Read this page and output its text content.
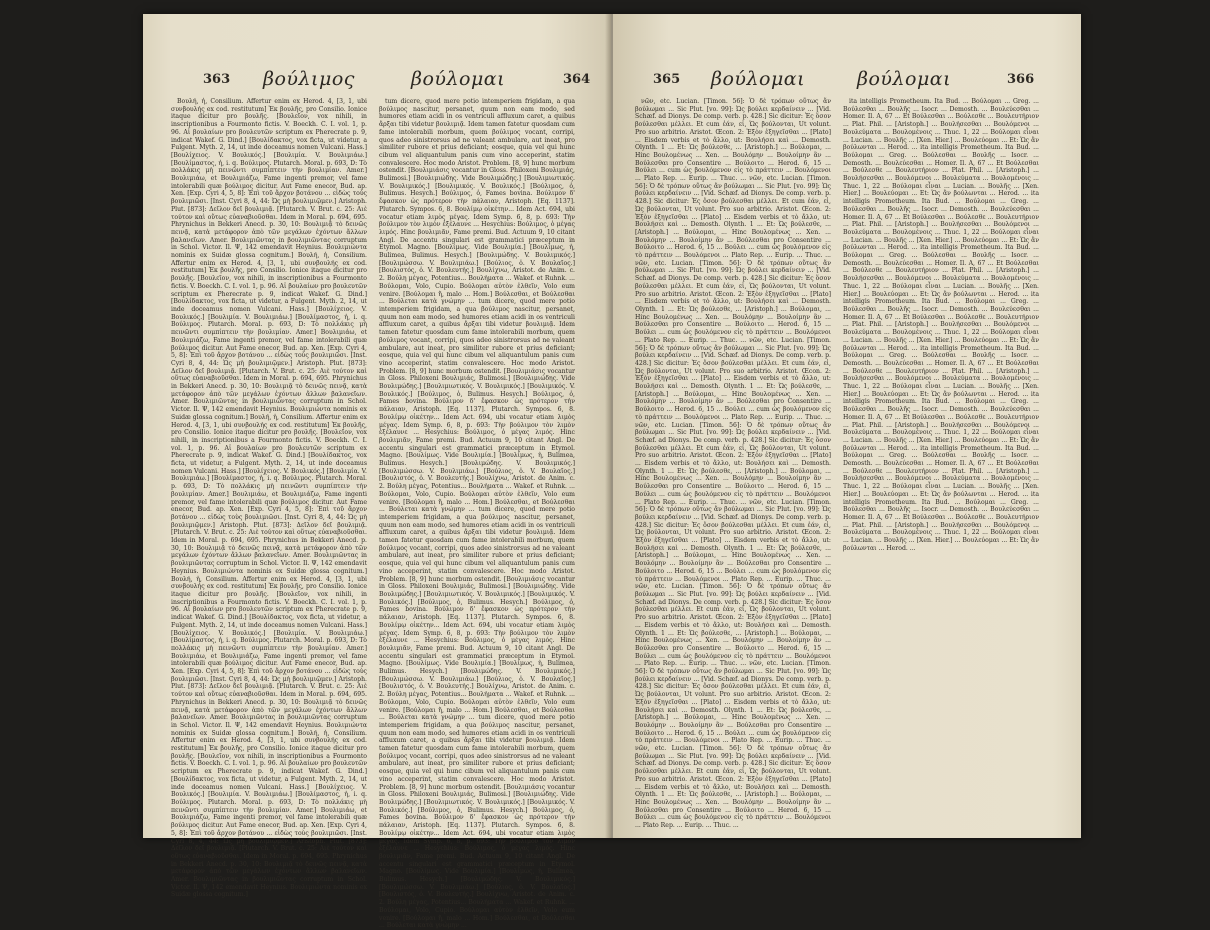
363 βούλιμος	βούλομαι	364

Βουλή, ἡ, Consilium. Affertur enim ex Herod. 4, [3, 1, ubi συνβουλής ex cod. restitutum] Ἐκ βουλῆς, pro Consilio. Ionice itaque dicitur pro βουλῆς. [Βουλεῖον, vox nihili, in inscriptionibus a Fourmonto fictis. V. Boeckh. C. I. vol. 1, p. 96. Αἱ βουλαίων pro βουλευτῶν scriptum ex Pherecrate p. 9, indicat Wakef. G. Dind.] [Βουλίδακτος, vox ficta, ut videtur, a Fulgent. Myth. 2, 14, ut inde doceamus nomen Vulcani. Hass.] [Βουλίχειος. V. Βουλικός.] [Βουλιμία. V. Βουλιμιάω.] [Βουλίμαστος, ἡ, i. q. Βούλιμος. Plutarch. Moral. p. 693, D: Τὸ πολλάκις μὴ πεινῶντι συμπίπτειν τὴν βουλιμίαν. Amer.] Βουλιμιάω, et Βουλιμιάζω, Fame ingenti premor, vel fame intolerabili quæ βούλιμος dicitur. Aut Fame enecor, Bud. ap. Xen. [Exp. Cyri 4, 5, 8]: Ἐπὶ τοῦ ἄρχον βοτάνου ... εἰδὼς τοὺς βουλιμιῶσι. [Inst. Cyri 8, 4, 44: Ὡς μὴ βουλιμιῷμεν.] Aristoph. Plut. [873]: Δεῖλον δεῖ βουλιμιᾷ. [Plutarch. V. Brut. c. 25: Αιὲ τούτον καὶ οὕτως εὐαναβιοῦσθαι. Idem in Moral. p. 694, 695. Phrynichus in Bekkeri Anecd. p. 30, 10: Βουλιμιᾷ τὸ δεινῶς πεινᾷ, κατὰ μετάφορον ἀπὸ τῶν μεγάλων ἐχόντων ἄλλων βαλανεῖων. Amer. Βουλιμιῶντας in βουλιμιῶντας corruptum in Schol. Victor. Il. Ψ, 142 emendavit Heynius. Βουλιμιώντα nominis ex Suidæ glossa cognitum.] Βουλή, ἡ, Consilium. Affertur enim ex Herod. 4, [3, 1, ubi συνβουλής ex cod. restitutum] Ἐκ βουλῆς, pro Consilio. Ionice itaque dicitur pro βουλῆς. [Βουλεῖον, vox nihili, in inscriptionibus a Fourmonto fictis. V. Boeckh. C. I. vol. 1, p. 96. Αἱ βουλαίων pro βουλευτῶν scriptum ex Pherecrate p. 9, indicat Wakef. G. Dind.] [Βουλίδακτος, vox ficta, ut videtur, a Fulgent. Myth. 2, 14, ut inde doceamus nomen Vulcani. Hass.] [Βουλίχειος. V. Βουλικός.] [Βουλιμία. V. Βουλιμιάω.] [Βουλίμαστος, ἡ, i. q. Βούλιμος. Plutarch. Moral. p. 693, D: Τὸ πολλάκις μὴ πεινῶντι συμπίπτειν τὴν βουλιμίαν. Amer.] Βουλιμιάω, et Βουλιμιάζω, Fame ingenti premor, vel fame intolerabili quæ βούλιμος dicitur. Aut Fame enecor, Bud. ap. Xen. [Exp. Cyri 4, 5, 8]: Ἐπὶ τοῦ ἄρχον βοτάνου ... εἰδὼς τοὺς βουλιμιῶσι. [Inst. Cyri 8, 4, 44: Ὡς μὴ βουλιμιῷμεν.] Aristoph. Plut. [873]: Δεῖλον δεῖ βουλιμιᾷ. [Plutarch. V. Brut. c. 25: Αιὲ τούτον καὶ οὕτως εὐαναβιοῦσθαι. Idem in Moral. p. 694, 695. Phrynichus in Bekkeri Anecd. p. 30, 10: Βουλιμιᾷ τὸ δεινῶς πεινᾷ, κατὰ μετάφορον ἀπὸ τῶν μεγάλων ἐχόντων ἄλλων βαλανεῖων. Amer. Βουλιμιῶντας in βουλιμιῶντας corruptum in Schol. Victor. Il. Ψ, 142 emendavit Heynius. Βουλιμιώντα nominis ex Suidæ glossa cognitum.] Βουλή, ἡ, Consilium. Affertur enim ex Herod. 4, [3, 1, ubi συνβουλής ex cod. restitutum] Ἐκ βουλῆς, pro Consilio. Ionice itaque dicitur pro βουλῆς. [Βουλεῖον, vox nihili, in inscriptionibus a Fourmonto fictis. V. Boeckh. C. I. vol. 1, p. 96. Αἱ βουλαίων pro βουλευτῶν scriptum ex Pherecrate p. 9, indicat Wakef. G. Dind.] [Βουλίδακτος, vox ficta, ut videtur, a Fulgent. Myth. 2, 14, ut inde doceamus nomen Vulcani. Hass.] [Βουλίχειος. V. Βουλικός.] [Βουλιμία. V. Βουλιμιάω.] [Βουλίμαστος, ἡ, i. q. Βούλιμος. Plutarch. Moral. p. 693, D: Τὸ πολλάκις μὴ πεινῶντι συμπίπτειν τὴν βουλιμίαν. Amer.] Βουλιμιάω, et Βουλιμιάζω, Fame ingenti premor, vel fame intolerabili quæ βούλιμος dicitur. Aut Fame enecor, Bud. ap. Xen. [Exp. Cyri 4, 5, 8]: Ἐπὶ τοῦ ἄρχον βοτάνου ... εἰδὼς τοὺς βουλιμιῶσι. [Inst. Cyri 8, 4, 44: Ὡς μὴ βουλιμιῷμεν.] Aristoph. Plut. [873]: Δεῖλον δεῖ βουλιμιᾷ. [Plutarch. V. Brut. c. 25: Αιὲ τούτον καὶ οὕτως εὐαναβιοῦσθαι. Idem in Moral. p. 694, 695. Phrynichus in Bekkeri Anecd. p. 30, 10: Βουλιμιᾷ τὸ δεινῶς πεινᾷ, κατὰ μετάφορον ἀπὸ τῶν μεγάλων ἐχόντων ἄλλων βαλανεῖων. Amer. Βουλιμιῶντας in βουλιμιῶντας corruptum in Schol. Victor. Il. Ψ, 142 emendavit Heynius. Βουλιμιώντα nominis ex Suidæ glossa cognitum.] Βουλή, ἡ, Consilium. Affertur enim ex Herod. 4, [3, 1, ubi συνβουλής ex cod. restitutum] Ἐκ βουλῆς, pro Consilio. Ionice itaque dicitur pro βουλῆς. [Βουλεῖον, vox nihili, in inscriptionibus a Fourmonto fictis. V. Boeckh. C. I. vol. 1, p. 96. Αἱ βουλαίων pro βουλευτῶν scriptum ex Pherecrate p. 9, indicat Wakef. G. Dind.] [Βουλίδακτος, vox ficta, ut videtur, a Fulgent. Myth. 2, 14, ut inde doceamus nomen Vulcani. Hass.] [Βουλίχειος. V. Βουλικός.] [Βουλιμία. V. Βουλιμιάω.] [Βουλίμαστος, ἡ, i. q. Βούλιμος. Plutarch. Moral. p. 693, D: Τὸ πολλάκις μὴ πεινῶντι συμπίπτειν τὴν βουλιμίαν. Amer.] Βουλιμιάω, et Βουλιμιάζω, Fame ingenti premor, vel fame intolerabili quæ βούλιμος dicitur. Aut Fame enecor, Bud. ap. Xen. [Exp. Cyri 4, 5, 8]: Ἐπὶ τοῦ ἄρχον βοτάνου ... εἰδὼς τοὺς βουλιμιῶσι. [Inst. Cyri 8, 4, 44: Ὡς μὴ βουλιμιῷμεν.] Aristoph. Plut. [873]: Δεῖλον δεῖ βουλιμιᾷ. [Plutarch. V. Brut. c. 25: Αιὲ τούτον καὶ οὕτως εὐαναβιοῦσθαι. Idem in Moral. p. 694, 695. Phrynichus in Bekkeri Anecd. p. 30, 10: Βουλιμιᾷ τὸ δεινῶς πεινᾷ, κατὰ μετάφορον ἀπὸ τῶν μεγάλων ἐχόντων ἄλλων βαλανεῖων. Amer. Βουλιμιῶντας in βουλιμιῶντας corruptum in Schol. Victor. Il. Ψ, 142 emendavit Heynius. Βουλιμιώντα nominis ex Suidæ glossa cognitum.] Βουλή, ἡ, Consilium. Affertur enim ex Herod. 4, [3, 1, ubi συνβουλής ex cod. restitutum] Ἐκ βουλῆς, pro Consilio. Ionice itaque dicitur pro βουλῆς. [Βουλεῖον, vox nihili, in inscriptionibus a Fourmonto fictis. V. Boeckh. C. I. vol. 1, p. 96. Αἱ βουλαίων pro βουλευτῶν scriptum ex Pherecrate p. 9, indicat Wakef. G. Dind.] [Βουλίδακτος, vox ficta, ut videtur, a Fulgent. Myth. 2, 14, ut inde doceamus nomen Vulcani. Hass.] [Βουλίχειος. V. Βουλικός.] [Βουλιμία. V. Βουλιμιάω.] [Βουλίμαστος, ἡ, i. q. Βούλιμος. Plutarch. Moral. p. 693, D: Τὸ πολλάκις μὴ πεινῶντι συμπίπτειν τὴν βουλιμίαν. Amer.] Βουλιμιάω, et Βουλιμιάζω, Fame ingenti premor, vel fame intolerabili quæ βούλιμος dicitur. Aut Fame enecor, Bud. ap. Xen. [Exp. Cyri 4, 5, 8]: Ἐπὶ τοῦ ἄρχον βοτάνου ... εἰδὼς τοὺς βουλιμιῶσι. [Inst. Cyri 8, 4, 44: Ὡς μὴ βουλιμιῷμεν.] Aristoph. Plut. [873]: Δεῖλον δεῖ βουλιμιᾷ. [Plutarch. V. Brut. c. 25: Αιὲ τούτον καὶ οὕτως εὐαναβιοῦσθαι. Idem in Moral. p. 694, 695. Phrynichus in Bekkeri Anecd. p. 30, 10: Βουλιμιᾷ τὸ δεινῶς πεινᾷ, κατὰ μετάφορον ἀπὸ τῶν μεγάλων ἐχόντων ἄλλων βαλανεῖων. Amer. Βουλιμιῶντας in βουλιμιῶντας corruptum in Schol. Victor. Il. Ψ, 142 emendavit Heynius. Βουλιμιώντα nominis ex Suidæ glossa cognitum.]

tum dicere, quod mere potio intemperiem frigidam, a qua βούλιμος nascitur, persanet, quum non eam modo, sed humores etiam acidi in os ventriculi affluxum caret, a quibus ἄρξαι tibi videtur βουλιμιᾷ. Idem tamen fatetur quosdam cum fame intolerabili morbum, quem βούλιμος vocant, corripi, quos adeo sinistrorsus ad ne valeant ambulare, aut ineat, pro similiter rubore et prius deficiant; eosque, quia vel qui hunc cibum vel aliquantulum panis cum vino acceperint, statim convalescere. Hoc modo Aristot. Problem. [8, 9] hunc morbum ostendit. [Βουλιμιάσις vocantur in Gloss. Philoxeni Βουλιμιάς, Bulimosi.] [Βουλιμιώδης. Vide Βουλιμώδης.] [Βουλιμιωτικός. V. Βουλιμικός.] [Βουλιμικός. V. Βουλικός.] [Βούλιμος, ὁ, Bulimus. Hesych.] Βούλιμος, ὁ, Fames bovina. Βούλιμον δ' ἔφασκον ὡς πρότερον τὴν πάλαιαν, Aristoph. [Eq. 1137]. Plutarch. Sympos. 6, 8. Βουλίμῳ οἰκέτην... Idem Act. 694, ubi vocatur etiam λιμὸς μέγας. Idem Symp. 6, 8, p. 693: Τὴν βούλιμον τὸν λιμὸν ἐξέλαυνε ... Hesychius: Βούλιμος, ὁ μέγας λιμός. Hinc βουλιμιᾶν, Fame premi. Bud. Actuum 9, 10 citant Angl. De accentu singulari est grammatici præceptum in Etymol. Magno. [Βουλίμως. Vide Βουλιμία.] [Βουλίμως, ἡ, Bulimea, Bulimus. Hesych.] [Βουλιμώδης. V. Βουλιμικός.] [Βουλιμώσσω. V. Βουλιμιάω.] [Βούλιος, ὁ. V. Βουλαῖος.] [Βουλιστός, ὁ. V. Βουλευτής.] Βουλίχνω, Aristot. de Anim. c. 2. Βούλη μέγας, Potentius... Βουλήματα ... Wakef. et Ruhnk. ... Βούλομαι, Volo, Cupio. Βούλομαι αὐτὸν ἐλθεῖν, Volo eum venire. [Βούλομαι ἢ, malo ... Hom.] Βούλεσθαι, et Βούλεσθαι ... Βούλεται κατὰ γνώμην ... tum dicere, quod mere potio intemperiem frigidam, a qua βούλιμος nascitur, persanet, quum non eam modo, sed humores etiam acidi in os ventriculi affluxum caret, a quibus ἄρξαι tibi videtur βουλιμιᾷ. Idem tamen fatetur quosdam cum fame intolerabili morbum, quem βούλιμος vocant, corripi, quos adeo sinistrorsus ad ne valeant ambulare, aut ineat, pro similiter rubore et prius deficiant; eosque, quia vel qui hunc cibum vel aliquantulum panis cum vino acceperint, statim convalescere. Hoc modo Aristot. Problem. [8, 9] hunc morbum ostendit. [Βουλιμιάσις vocantur in Gloss. Philoxeni Βουλιμιάς, Bulimosi.] [Βουλιμιώδης. Vide Βουλιμώδης.] [Βουλιμιωτικός. V. Βουλιμικός.] [Βουλιμικός. V. Βουλικός.] [Βούλιμος, ὁ, Bulimus. Hesych.] Βούλιμος, ὁ, Fames bovina. Βούλιμον δ' ἔφασκον ὡς πρότερον τὴν πάλαιαν, Aristoph. [Eq. 1137]. Plutarch. Sympos. 6, 8. Βουλίμῳ οἰκέτην... Idem Act. 694, ubi vocatur etiam λιμὸς μέγας. Idem Symp. 6, 8, p. 693: Τὴν βούλιμον τὸν λιμὸν ἐξέλαυνε ... Hesychius: Βούλιμος, ὁ μέγας λιμός. Hinc βουλιμιᾶν, Fame premi. Bud. Actuum 9, 10 citant Angl. De accentu singulari est grammatici præceptum in Etymol. Magno. [Βουλίμως. Vide Βουλιμία.] [Βουλίμως, ἡ, Bulimea, Bulimus. Hesych.] [Βουλιμώδης. V. Βουλιμικός.] [Βουλιμώσσω. V. Βουλιμιάω.] [Βούλιος, ὁ. V. Βουλαῖος.] [Βουλιστός, ὁ. V. Βουλευτής.] Βουλίχνω, Aristot. de Anim. c. 2. Βούλη μέγας, Potentius... Βουλήματα ... Wakef. et Ruhnk. ... Βούλομαι, Volo, Cupio. Βούλομαι αὐτὸν ἐλθεῖν, Volo eum venire. [Βούλομαι ἢ, malo ... Hom.] Βούλεσθαι, et Βούλεσθαι ... Βούλεται κατὰ γνώμην ... tum dicere, quod mere potio intemperiem frigidam, a qua βούλιμος nascitur, persanet, quum non eam modo, sed humores etiam acidi in os ventriculi affluxum caret, a quibus ἄρξαι tibi videtur βουλιμιᾷ. Idem tamen fatetur quosdam cum fame intolerabili morbum, quem βούλιμος vocant, corripi, quos adeo sinistrorsus ad ne valeant ambulare, aut ineat, pro similiter rubore et prius deficiant; eosque, quia vel qui hunc cibum vel aliquantulum panis cum vino acceperint, statim convalescere. Hoc modo Aristot. Problem. [8, 9] hunc morbum ostendit. [Βουλιμιάσις vocantur in Gloss. Philoxeni Βουλιμιάς, Bulimosi.] [Βουλιμιώδης. Vide Βουλιμώδης.] [Βουλιμιωτικός. V. Βουλιμικός.] [Βουλιμικός. V. Βουλικός.] [Βούλιμος, ὁ, Bulimus. Hesych.] Βούλιμος, ὁ, Fames bovina. Βούλιμον δ' ἔφασκον ὡς πρότερον τὴν πάλαιαν, Aristoph. [Eq. 1137]. Plutarch. Sympos. 6, 8. Βουλίμῳ οἰκέτην... Idem Act. 694, ubi vocatur etiam λιμὸς μέγας. Idem Symp. 6, 8, p. 693: Τὴν βούλιμον τὸν λιμὸν ἐξέλαυνε ... Hesychius: Βούλιμος, ὁ μέγας λιμός. Hinc βουλιμιᾶν, Fame premi. Bud. Actuum 9, 10 citant Angl. De accentu singulari est grammatici præceptum in Etymol. Magno. [Βουλίμως. Vide Βουλιμία.] [Βουλίμως, ἡ, Bulimea, Bulimus. Hesych.] [Βουλιμώδης. V. Βουλιμικός.] [Βουλιμώσσω. V. Βουλιμιάω.] [Βούλιος, ὁ. V. Βουλαῖος.] [Βουλιστός, ὁ. V. Βουλευτής.] Βουλίχνω, Aristot. de Anim. c. 2. Βούλη μέγας, Potentius... Βουλήματα ... Wakef. et Ruhnk. ... Βούλομαι, Volo, Cupio. Βούλομαι αὐτὸν ἐλθεῖν, Volo eum venire. [Βούλομαι ἢ, malo ... Hom.] Βούλεσθαι, et Βούλεσθαι ... Βούλεται κατὰ γνώμην ... tum dicere, quod mere potio intemperiem frigidam, a qua βούλιμος nascitur, persanet, quum non eam modo, sed humores etiam acidi in os ventriculi affluxum caret, a quibus ἄρξαι tibi videtur βουλιμιᾷ. Idem tamen fatetur quosdam cum fame intolerabili morbum, quem βούλιμος vocant, corripi, quos adeo sinistrorsus ad ne valeant ambulare, aut ineat, pro similiter rubore et prius deficiant; eosque, quia vel qui hunc cibum vel aliquantulum panis cum vino acceperint, statim convalescere. Hoc modo Aristot. Problem. [8, 9] hunc morbum ostendit. [Βουλιμιάσις vocantur in Gloss. Philoxeni Βουλιμιάς, Bulimosi.] [Βουλιμιώδης. Vide Βουλιμώδης.] [Βουλιμιωτικός. V. Βουλιμικός.] [Βουλιμικός. V. Βουλικός.] [Βούλιμος, ὁ, Bulimus. Hesych.] Βούλιμος, ὁ, Fames bovina. Βούλιμον δ' ἔφασκον ὡς πρότερον τὴν πάλαιαν, Aristoph. [Eq. 1137]. Plutarch. Sympos. 6, 8. Βουλίμῳ οἰκέτην... Idem Act. 694, ubi vocatur etiam λιμὸς μέγας. Idem Symp. 6, 8, p. 693: Τὴν βούλιμον τὸν λιμὸν ἐξέλαυνε ... Hesychius: Βούλιμος, ὁ μέγας λιμός. Hinc βουλιμιᾶν, Fame premi. Bud. Actuum 9, 10 citant Angl. De accentu singulari est grammatici præceptum in Etymol. Magno. [Βουλίμως. Vide Βουλιμία.] [Βουλίμως, ἡ, Bulimea, Bulimus. Hesych.] [Βουλιμώδης. V. Βουλιμικός.] [Βουλιμώσσω. V. Βουλιμιάω.] [Βούλιος, ὁ. V. Βουλαῖος.] [Βουλιστός, ὁ. V. Βουλευτής.] Βουλίχνω, Aristot. de Anim. c. 2. Βούλη μέγας, Potentius... Βουλήματα ... Wakef. et Ruhnk. ... Βούλομαι, Volo, Cupio. Βούλομαι αὐτὸν ἐλθεῖν, Volo eum venire. [Βούλομαι ἢ, malo ... Hom.] Βούλεσθαι, et Βούλεσθαι ... Βούλεται κατὰ γνώμην ...

365 βούλομαι	βούλομαι	366

νῶν, etc. Lucian. [Timon. 56]: Ὁ δὲ τρόπων οὕτως ἄν βούλωμαι ... Sic Plut. [vo. 99]: Ὡς βούλει κερδαίνειν ... [Vid. Schæf. ad Dionys. De comp. verb. p. 428.] Sic dicitur: Ἐς ὅσον βούλεσθαι μέλλει. Et cum ἐάν, εἰ, Ὡς βούλονται, Ut volunt. Pro suo arbitrio. Aristot. Œcon. 2: Ἐξὸν ἐξηγεῖσθαι ... [Plato] ... Eisdem verbis et τὸ ἄλλο, ut: Βουλήσει καὶ ... Demosth. Olynth. 1 ... Et: Ὡς βούλεσθε, ... [Aristoph.] ... Βούλομαι, ... Hinc Βουλομένως ... Xen. ... Βουλόμην ... Βουλοίμην ἂν ... Βούλεσθαι pro Consentire ... Βούλοιτο ... Herod. 6, 15 ... Βούλει ... cum ὡς βουλόμενον εἰς τὸ πράττειν ... Βουλόμενοι ... Plato Rep. ... Eurip. ... Thuc. ... νῶν, etc. Lucian. [Timon. 56]: Ὁ δὲ τρόπων οὕτως ἄν βούλωμαι ... Sic Plut. [vo. 99]: Ὡς βούλει κερδαίνειν ... [Vid. Schæf. ad Dionys. De comp. verb. p. 428.] Sic dicitur: Ἐς ὅσον βούλεσθαι μέλλει. Et cum ἐάν, εἰ, Ὡς βούλονται, Ut volunt. Pro suo arbitrio. Aristot. Œcon. 2: Ἐξὸν ἐξηγεῖσθαι ... [Plato] ... Eisdem verbis et τὸ ἄλλο, ut: Βουλήσει καὶ ... Demosth. Olynth. 1 ... Et: Ὡς βούλεσθε, ... [Aristoph.] ... Βούλομαι, ... Hinc Βουλομένως ... Xen. ... Βουλόμην ... Βουλοίμην ἂν ... Βούλεσθαι pro Consentire ... Βούλοιτο ... Herod. 6, 15 ... Βούλει ... cum ὡς βουλόμενον εἰς τὸ πράττειν ... Βουλόμενοι ... Plato Rep. ... Eurip. ... Thuc. ... νῶν, etc. Lucian. [Timon. 56]: Ὁ δὲ τρόπων οὕτως ἄν βούλωμαι ... Sic Plut. [vo. 99]: Ὡς βούλει κερδαίνειν ... [Vid. Schæf. ad Dionys. De comp. verb. p. 428.] Sic dicitur: Ἐς ὅσον βούλεσθαι μέλλει. Et cum ἐάν, εἰ, Ὡς βούλονται, Ut volunt. Pro suo arbitrio. Aristot. Œcon. 2: Ἐξὸν ἐξηγεῖσθαι ... [Plato] ... Eisdem verbis et τὸ ἄλλο, ut: Βουλήσει καὶ ... Demosth. Olynth. 1 ... Et: Ὡς βούλεσθε, ... [Aristoph.] ... Βούλομαι, ... Hinc Βουλομένως ... Xen. ... Βουλόμην ... Βουλοίμην ἂν ... Βούλεσθαι pro Consentire ... Βούλοιτο ... Herod. 6, 15 ... Βούλει ... cum ὡς βουλόμενον εἰς τὸ πράττειν ... Βουλόμενοι ... Plato Rep. ... Eurip. ... Thuc. ... νῶν, etc. Lucian. [Timon. 56]: Ὁ δὲ τρόπων οὕτως ἄν βούλωμαι ... Sic Plut. [vo. 99]: Ὡς βούλει κερδαίνειν ... [Vid. Schæf. ad Dionys. De comp. verb. p. 428.] Sic dicitur: Ἐς ὅσον βούλεσθαι μέλλει. Et cum ἐάν, εἰ, Ὡς βούλονται, Ut volunt. Pro suo arbitrio. Aristot. Œcon. 2: Ἐξὸν ἐξηγεῖσθαι ... [Plato] ... Eisdem verbis et τὸ ἄλλο, ut: Βουλήσει καὶ ... Demosth. Olynth. 1 ... Et: Ὡς βούλεσθε, ... [Aristoph.] ... Βούλομαι, ... Hinc Βουλομένως ... Xen. ... Βουλόμην ... Βουλοίμην ἂν ... Βούλεσθαι pro Consentire ... Βούλοιτο ... Herod. 6, 15 ... Βούλει ... cum ὡς βουλόμενον εἰς τὸ πράττειν ... Βουλόμενοι ... Plato Rep. ... Eurip. ... Thuc. ... νῶν, etc. Lucian. [Timon. 56]: Ὁ δὲ τρόπων οὕτως ἄν βούλωμαι ... Sic Plut. [vo. 99]: Ὡς βούλει κερδαίνειν ... [Vid. Schæf. ad Dionys. De comp. verb. p. 428.] Sic dicitur: Ἐς ὅσον βούλεσθαι μέλλει. Et cum ἐάν, εἰ, Ὡς βούλονται, Ut volunt. Pro suo arbitrio. Aristot. Œcon. 2: Ἐξὸν ἐξηγεῖσθαι ... [Plato] ... Eisdem verbis et τὸ ἄλλο, ut: Βουλήσει καὶ ... Demosth. Olynth. 1 ... Et: Ὡς βούλεσθε, ... [Aristoph.] ... Βούλομαι, ... Hinc Βουλομένως ... Xen. ... Βουλόμην ... Βουλοίμην ἂν ... Βούλεσθαι pro Consentire ... Βούλοιτο ... Herod. 6, 15 ... Βούλει ... cum ὡς βουλόμενον εἰς τὸ πράττειν ... Βουλόμενοι ... Plato Rep. ... Eurip. ... Thuc. ... νῶν, etc. Lucian. [Timon. 56]: Ὁ δὲ τρόπων οὕτως ἄν βούλωμαι ... Sic Plut. [vo. 99]: Ὡς βούλει κερδαίνειν ... [Vid. Schæf. ad Dionys. De comp. verb. p. 428.] Sic dicitur: Ἐς ὅσον βούλεσθαι μέλλει. Et cum ἐάν, εἰ, Ὡς βούλονται, Ut volunt. Pro suo arbitrio. Aristot. Œcon. 2: Ἐξὸν ἐξηγεῖσθαι ... [Plato] ... Eisdem verbis et τὸ ἄλλο, ut: Βουλήσει καὶ ... Demosth. Olynth. 1 ... Et: Ὡς βούλεσθε, ... [Aristoph.] ... Βούλομαι, ... Hinc Βουλομένως ... Xen. ... Βουλόμην ... Βουλοίμην ἂν ... Βούλεσθαι pro Consentire ... Βούλοιτο ... Herod. 6, 15 ... Βούλει ... cum ὡς βουλόμενον εἰς τὸ πράττειν ... Βουλόμενοι ... Plato Rep. ... Eurip. ... Thuc. ... νῶν, etc. Lucian. [Timon. 56]: Ὁ δὲ τρόπων οὕτως ἄν βούλωμαι ... Sic Plut. [vo. 99]: Ὡς βούλει κερδαίνειν ... [Vid. Schæf. ad Dionys. De comp. verb. p. 428.] Sic dicitur: Ἐς ὅσον βούλεσθαι μέλλει. Et cum ἐάν, εἰ, Ὡς βούλονται, Ut volunt. Pro suo arbitrio. Aristot. Œcon. 2: Ἐξὸν ἐξηγεῖσθαι ... [Plato] ... Eisdem verbis et τὸ ἄλλο, ut: Βουλήσει καὶ ... Demosth. Olynth. 1 ... Et: Ὡς βούλεσθε, ... [Aristoph.] ... Βούλομαι, ... Hinc Βουλομένως ... Xen. ... Βουλόμην ... Βουλοίμην ἂν ... Βούλεσθαι pro Consentire ... Βούλοιτο ... Herod. 6, 15 ... Βούλει ... cum ὡς βουλόμενον εἰς τὸ πράττειν ... Βουλόμενοι ... Plato Rep. ... Eurip. ... Thuc. ... νῶν, etc. Lucian. [Timon. 56]: Ὁ δὲ τρόπων οὕτως ἄν βούλωμαι ... Sic Plut. [vo. 99]: Ὡς βούλει κερδαίνειν ... [Vid. Schæf. ad Dionys. De comp. verb. p. 428.] Sic dicitur: Ἐς ὅσον βούλεσθαι μέλλει. Et cum ἐάν, εἰ, Ὡς βούλονται, Ut volunt. Pro suo arbitrio. Aristot. Œcon. 2: Ἐξὸν ἐξηγεῖσθαι ... [Plato] ... Eisdem verbis et τὸ ἄλλο, ut: Βουλήσει καὶ ... Demosth. Olynth. 1 ... Et: Ὡς βούλεσθε, ... [Aristoph.] ... Βούλομαι, ... Hinc Βουλομένως ... Xen. ... Βουλόμην ... Βουλοίμην ἂν ... Βούλεσθαι pro Consentire ... Βούλοιτο ... Herod. 6, 15 ... Βούλει ... cum ὡς βουλόμενον εἰς τὸ πράττειν ... Βουλόμενοι ... Plato Rep. ... Eurip. ... Thuc. ... νῶν, etc. Lucian. [Timon. 56]: Ὁ δὲ τρόπων οὕτως ἄν βούλωμαι ... Sic Plut. [vo. 99]: Ὡς βούλει κερδαίνειν ... [Vid. Schæf. ad Dionys. De comp. verb. p. 428.] Sic dicitur: Ἐς ὅσον βούλεσθαι μέλλει. Et cum ἐάν, εἰ, Ὡς βούλονται, Ut volunt. Pro suo arbitrio. Aristot. Œcon. 2: Ἐξὸν ἐξηγεῖσθαι ... [Plato] ... Eisdem verbis et τὸ ἄλλο, ut: Βουλήσει καὶ ... Demosth. Olynth. 1 ... Et: Ὡς βούλεσθε, ... [Aristoph.] ... Βούλομαι, ... Hinc Βουλομένως ... Xen. ... Βουλόμην ... Βουλοίμην ἂν ... Βούλεσθαι pro Consentire ... Βούλοιτο ... Herod. 6, 15 ... Βούλει ... cum ὡς βουλόμενον εἰς τὸ πράττειν ... Βουλόμενοι ... Plato Rep. ... Eurip. ... Thuc. ...

ita intelligis Prometheum. Ita Bud. ... Βούλομαι ... Greg. ... Βούλεσθαι ... Βουλῆς ... Isocr. ... Demosth. ... Βουλεύεσθαι ... Homer. Il. Α, 67 ... Et Βούλεσθαι ... Βούλεσθε ... Βουλευτήριον ... Plat. Phil. ... [Aristoph.] ... Βουλήσεσθαι ... Βουλόμενοι ... Βουλεύματα ... Βουλομένοις ... Thuc. 1, 22 ... Βούλομαι εἶναι ... Lucian. ... Βουλῆς ... [Xen. Hier.] ... Βουλεύομαι ... Et: Ὡς ἂν βούλωνται ... Herod. ... ita intelligis Prometheum. Ita Bud. ... Βούλομαι ... Greg. ... Βούλεσθαι ... Βουλῆς ... Isocr. ... Demosth. ... Βουλεύεσθαι ... Homer. Il. Α, 67 ... Et Βούλεσθαι ... Βούλεσθε ... Βουλευτήριον ... Plat. Phil. ... [Aristoph.] ... Βουλήσεσθαι ... Βουλόμενοι ... Βουλεύματα ... Βουλομένοις ... Thuc. 1, 22 ... Βούλομαι εἶναι ... Lucian. ... Βουλῆς ... [Xen. Hier.] ... Βουλεύομαι ... Et: Ὡς ἂν βούλωνται ... Herod. ... ita intelligis Prometheum. Ita Bud. ... Βούλομαι ... Greg. ... Βούλεσθαι ... Βουλῆς ... Isocr. ... Demosth. ... Βουλεύεσθαι ... Homer. Il. Α, 67 ... Et Βούλεσθαι ... Βούλεσθε ... Βουλευτήριον ... Plat. Phil. ... [Aristoph.] ... Βουλήσεσθαι ... Βουλόμενοι ... Βουλεύματα ... Βουλομένοις ... Thuc. 1, 22 ... Βούλομαι εἶναι ... Lucian. ... Βουλῆς ... [Xen. Hier.] ... Βουλεύομαι ... Et: Ὡς ἂν βούλωνται ... Herod. ... ita intelligis Prometheum. Ita Bud. ... Βούλομαι ... Greg. ... Βούλεσθαι ... Βουλῆς ... Isocr. ... Demosth. ... Βουλεύεσθαι ... Homer. Il. Α, 67 ... Et Βούλεσθαι ... Βούλεσθε ... Βουλευτήριον ... Plat. Phil. ... [Aristoph.] ... Βουλήσεσθαι ... Βουλόμενοι ... Βουλεύματα ... Βουλομένοις ... Thuc. 1, 22 ... Βούλομαι εἶναι ... Lucian. ... Βουλῆς ... [Xen. Hier.] ... Βουλεύομαι ... Et: Ὡς ἂν βούλωνται ... Herod. ... ita intelligis Prometheum. Ita Bud. ... Βούλομαι ... Greg. ... Βούλεσθαι ... Βουλῆς ... Isocr. ... Demosth. ... Βουλεύεσθαι ... Homer. Il. Α, 67 ... Et Βούλεσθαι ... Βούλεσθε ... Βουλευτήριον ... Plat. Phil. ... [Aristoph.] ... Βουλήσεσθαι ... Βουλόμενοι ... Βουλεύματα ... Βουλομένοις ... Thuc. 1, 22 ... Βούλομαι εἶναι ... Lucian. ... Βουλῆς ... [Xen. Hier.] ... Βουλεύομαι ... Et: Ὡς ἂν βούλωνται ... Herod. ... ita intelligis Prometheum. Ita Bud. ... Βούλομαι ... Greg. ... Βούλεσθαι ... Βουλῆς ... Isocr. ... Demosth. ... Βουλεύεσθαι ... Homer. Il. Α, 67 ... Et Βούλεσθαι ... Βούλεσθε ... Βουλευτήριον ... Plat. Phil. ... [Aristoph.] ... Βουλήσεσθαι ... Βουλόμενοι ... Βουλεύματα ... Βουλομένοις ... Thuc. 1, 22 ... Βούλομαι εἶναι ... Lucian. ... Βουλῆς ... [Xen. Hier.] ... Βουλεύομαι ... Et: Ὡς ἂν βούλωνται ... Herod. ... ita intelligis Prometheum. Ita Bud. ... Βούλομαι ... Greg. ... Βούλεσθαι ... Βουλῆς ... Isocr. ... Demosth. ... Βουλεύεσθαι ... Homer. Il. Α, 67 ... Et Βούλεσθαι ... Βούλεσθε ... Βουλευτήριον ... Plat. Phil. ... [Aristoph.] ... Βουλήσεσθαι ... Βουλόμενοι ... Βουλεύματα ... Βουλομένοις ... Thuc. 1, 22 ... Βούλομαι εἶναι ... Lucian. ... Βουλῆς ... [Xen. Hier.] ... Βουλεύομαι ... Et: Ὡς ἂν βούλωνται ... Herod. ... ita intelligis Prometheum. Ita Bud. ... Βούλομαι ... Greg. ... Βούλεσθαι ... Βουλῆς ... Isocr. ... Demosth. ... Βουλεύεσθαι ... Homer. Il. Α, 67 ... Et Βούλεσθαι ... Βούλεσθε ... Βουλευτήριον ... Plat. Phil. ... [Aristoph.] ... Βουλήσεσθαι ... Βουλόμενοι ... Βουλεύματα ... Βουλομένοις ... Thuc. 1, 22 ... Βούλομαι εἶναι ... Lucian. ... Βουλῆς ... [Xen. Hier.] ... Βουλεύομαι ... Et: Ὡς ἂν βούλωνται ... Herod. ... ita intelligis Prometheum. Ita Bud. ... Βούλομαι ... Greg. ... Βούλεσθαι ... Βουλῆς ... Isocr. ... Demosth. ... Βουλεύεσθαι ... Homer. Il. Α, 67 ... Et Βούλεσθαι ... Βούλεσθε ... Βουλευτήριον ... Plat. Phil. ... [Aristoph.] ... Βουλήσεσθαι ... Βουλόμενοι ... Βουλεύματα ... Βουλομένοις ... Thuc. 1, 22 ... Βούλομαι εἶναι ... Lucian. ... Βουλῆς ... [Xen. Hier.] ... Βουλεύομαι ... Et: Ὡς ἂν βούλωνται ... Herod. ...
